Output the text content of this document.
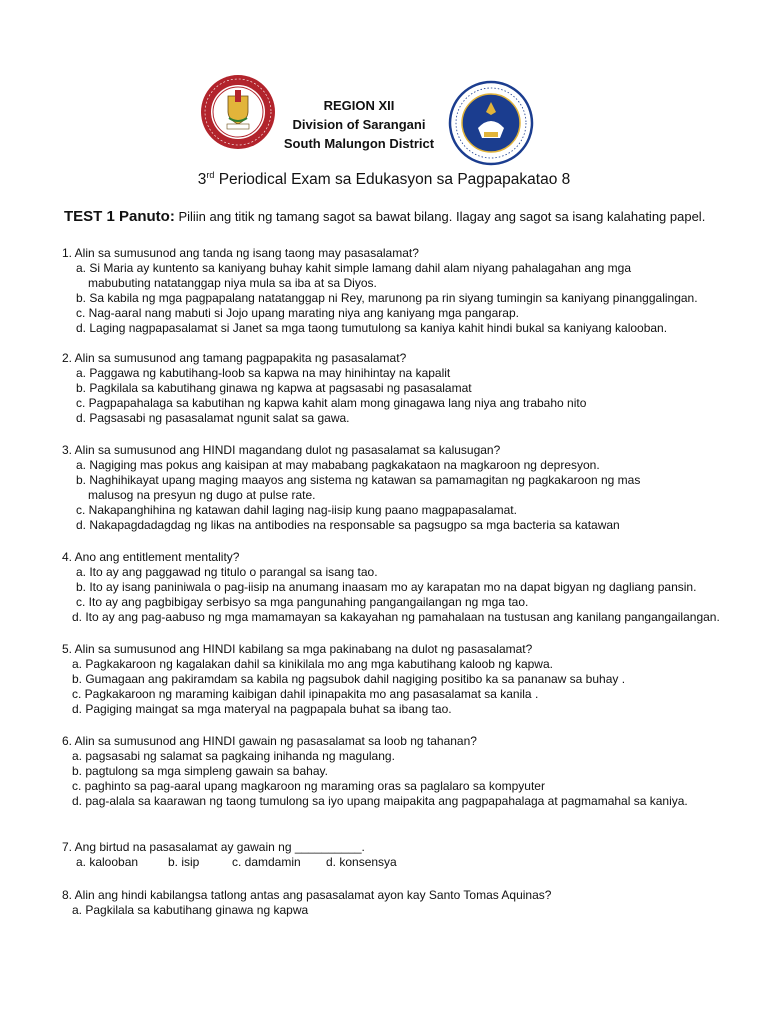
REGION XII
Division of Sarangani
South Malungon District
3rd Periodical Exam sa Edukasyon sa Pagpapakatao 8
TEST 1 Panuto: Piliin ang titik ng tamang sagot sa bawat bilang. Ilagay ang sagot sa isang kalahating papel.
1. Alin sa sumusunod ang tanda ng isang taong may pasasalamat?
a. Si Maria ay kuntento sa kaniyang buhay kahit simple lamang dahil alam niyang pahalagahan ang mga mabubuting natatanggap niya mula sa iba at sa Diyos.
b. Sa kabila ng mga pagpapalang natatanggap ni Rey, marunong pa rin siyang tumingin sa kaniyang pinanggalingan.
c. Nag-aaral nang mabuti si Jojo upang marating niya ang kaniyang mga pangarap.
d. Laging nagpapasalamat si Janet sa mga taong tumutulong sa kaniya kahit hindi bukal sa kaniyang kalooban.
2. Alin sa sumusunod ang tamang pagpapakita ng pasasalamat?
a. Paggawa ng kabutihang-loob sa kapwa na may hinihintay na kapalit
b. Pagkilala sa kabutihang ginawa ng kapwa at pagsasabi ng pasasalamat
c. Pagpapahalaga sa kabutihan ng kapwa kahit alam mong ginagawa lang niya ang trabaho nito
d. Pagsasabi ng pasasalamat ngunit salat sa gawa.
3. Alin sa sumusunod ang HINDI magandang dulot ng pasasalamat sa kalusugan?
a. Nagiging mas pokus ang kaisipan at may mababang pagkakataon na magkaroon ng depresyon.
b. Naghihikayat upang maging maayos ang sistema ng katawan sa pamamagitan ng pagkakaroon ng mas malusog na presyun ng dugo at pulse rate.
c. Nakapanghihina ng katawan dahil laging nag-iisip kung paano magpapasalamat.
d. Nakapagdadagdag ng likas na antibodies na responsable sa pagsugpo sa mga bacteria sa katawan
4. Ano ang entitlement mentality?
a. Ito ay ang paggawad ng titulo o parangal sa isang tao.
b. Ito ay isang paniniwala o pag-iisip na anumang inaasam mo ay karapatan mo na dapat bigyan ng dagliang pansin.
c. Ito ay ang pagbibigay serbisyo sa mga pangunahing pangangailangan ng mga tao.
d. Ito ay ang pag-aabuso ng mga mamamayan sa kakayahan ng pamahalaan na tustusan ang kanilang pangangailangan.
5. Alin sa sumusunod ang HINDI kabilang sa mga pakinabang na dulot ng pasasalamat?
a. Pagkakaroon ng kagalakan dahil sa kinikilala mo ang mga kabutihang kaloob ng kapwa.
b. Gumagaan ang pakiramdam sa kabila ng pagsubok dahil nagiging positibo ka sa pananaw sa buhay .
c. Pagkakaroon ng maraming kaibigan dahil ipinapakita mo ang pasasalamat sa kanila .
d. Pagiging maingat sa mga materyal na pagpapala buhat sa ibang tao.
6. Alin sa sumusunod ang HINDI gawain ng pasasalamat sa loob ng tahanan?
a. pagsasabi ng salamat sa pagkaing inihanda ng magulang.
b. pagtulong sa mga simpleng gawain sa bahay.
c. paghinto sa pag-aaral upang magkaroon ng maraming oras sa paglalaro sa kompyuter
d. pag-alala sa kaarawan ng taong tumulong sa iyo upang maipakita ang pagpapahalaga at pagmamahal sa kaniya.
7. Ang birtud na pasasalamat ay gawain ng __________.
a. kalooban b. isip	c. damdamin d. konsensya
8. Alin ang hindi kabilangsa tatlong antas ang pasasalamat ayon kay Santo Tomas Aquinas?
a. Pagkilala sa kabutihang ginawa ng kapwa
